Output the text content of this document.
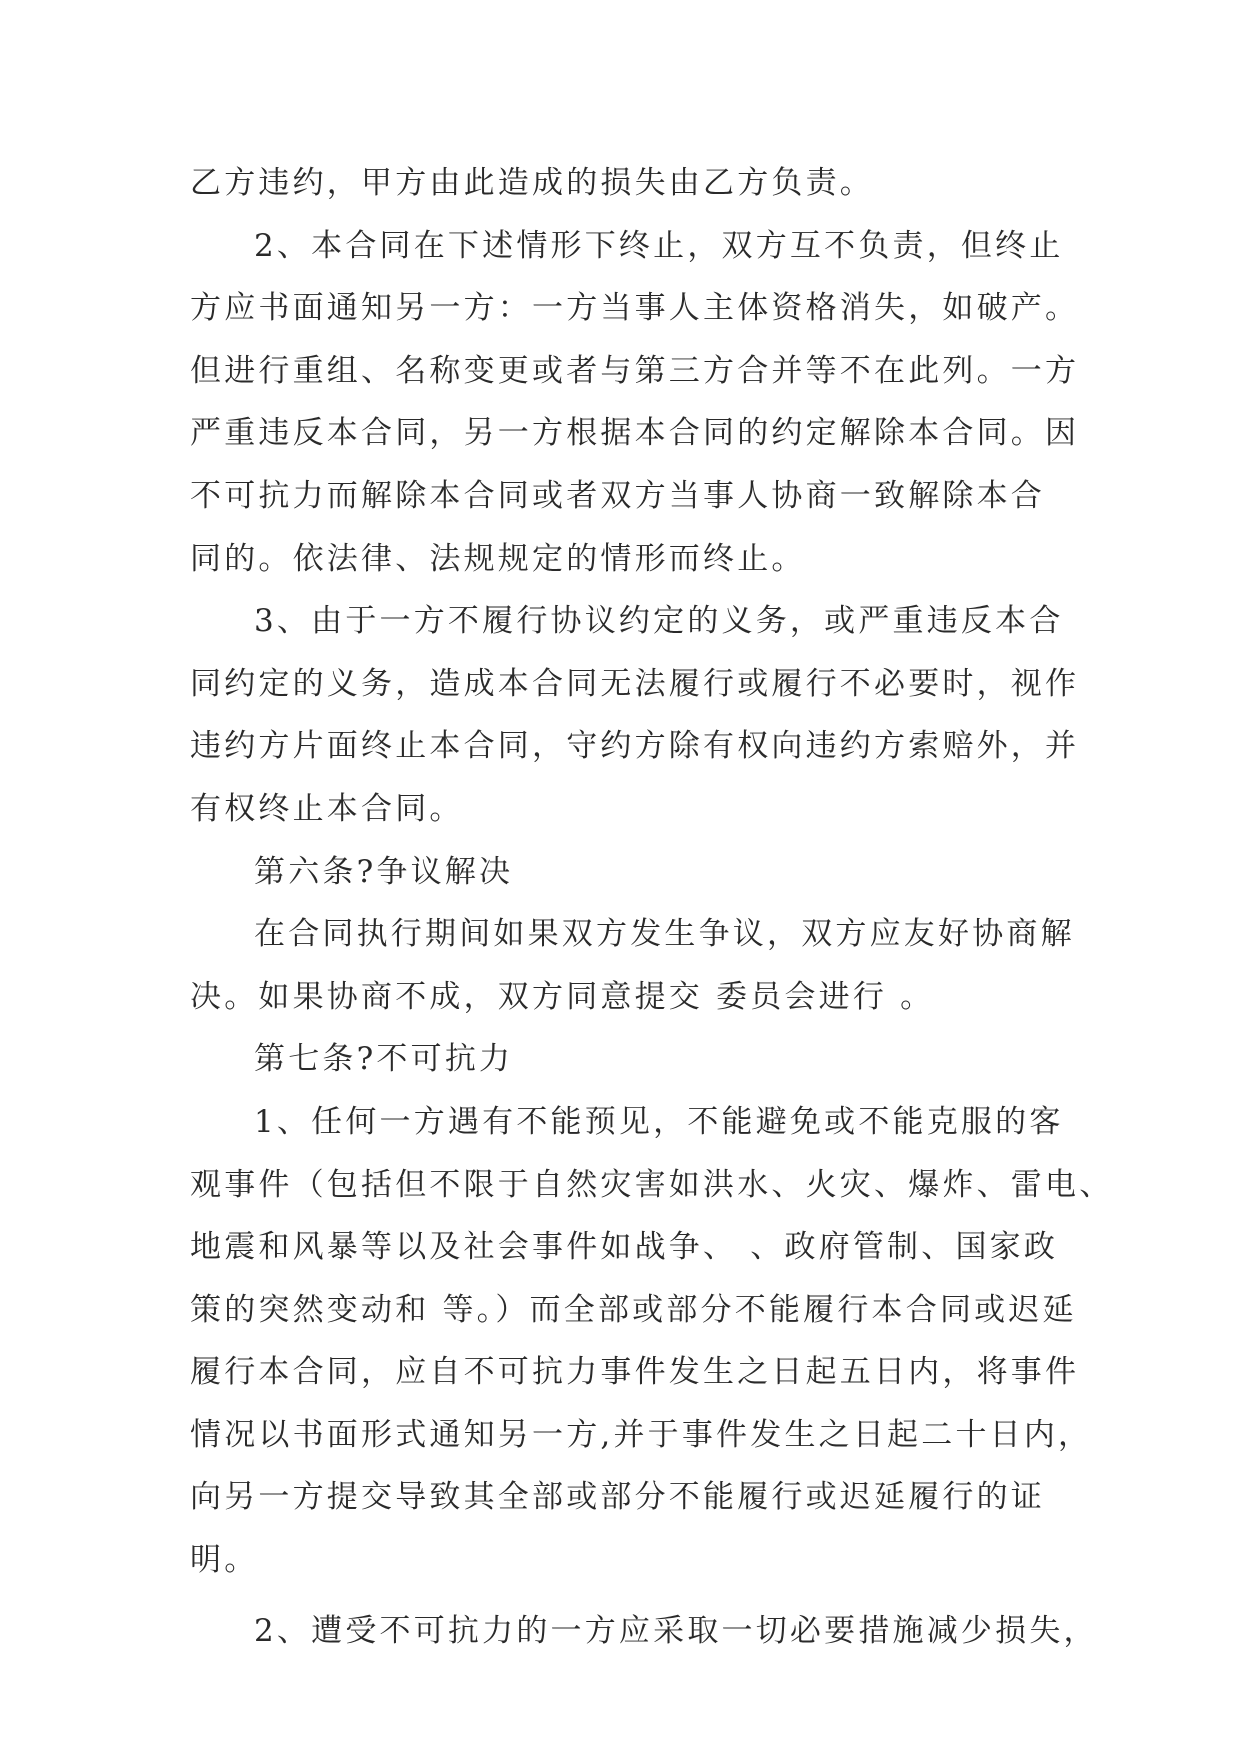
乙方违约，甲方由此造成的损失由乙方负责。
2、本合同在下述情形下终止，双方互不负责，但终止
方应书面通知另一方：一方当事人主体资格消失，如破产。
但进行重组、名称变更或者与第三方合并等不在此列。一方
严重违反本合同，另一方根据本合同的约定解除本合同。因
不可抗力而解除本合同或者双方当事人协商一致解除本合
同的。依法律、法规规定的情形而终止。
3、由于一方不履行协议约定的义务，或严重违反本合
同约定的义务，造成本合同无法履行或履行不必要时，视作
违约方片面终止本合同，守约方除有权向违约方索赔外，并
有权终止本合同。
第六条?争议解决
在合同执行期间如果双方发生争议，双方应友好协商解
决。如果协商不成，双方同意提交 委员会进行 。
第七条?不可抗力
1、任何一方遇有不能预见，不能避免或不能克服的客
观事件（包括但不限于自然灾害如洪水、火灾、爆炸、雷电、
地震和风暴等以及社会事件如战争、 、政府管制、国家政
策的突然变动和 等。）而全部或部分不能履行本合同或迟延
履行本合同，应自不可抗力事件发生之日起五日内，将事件
情况以书面形式通知另一方,并于事件发生之日起二十日内，
向另一方提交导致其全部或部分不能履行或迟延履行的证
明。
2、遭受不可抗力的一方应采取一切必要措施减少损失，
